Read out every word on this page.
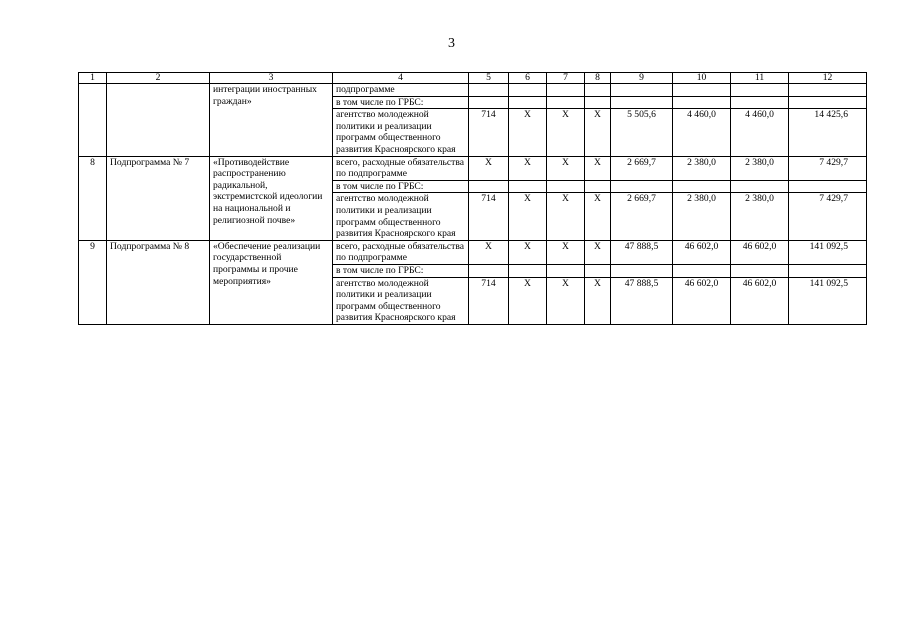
3
1	2	3	4	5	6	7	8	9	10	11	12
		интеграции иностранных граждан»	подпрограмме								
			в том числе по ГРБС:								
			агентство молодежной политики и реализации программ общественного развития Красноярского края	714	X	X	X	5 505,6	4 460,0	4 460,0	14 425,6
8	Подпрограмма № 7	«Противодействие распространению радикальной, экстремистской идеологии на национальной и религиозной почве»	всего, расходные обязательства по подпрограмме	X	X	X	X	2 669,7	2 380,0	2 380,0	7 429,7
			в том числе по ГРБС:								
			агентство молодежной политики и реализации программ общественного развития Красноярского края	714	X	X	X	2 669,7	2 380,0	2 380,0	7 429,7
9	Подпрограмма № 8	«Обеспечение реализации государственной программы и прочие мероприятия»	всего, расходные обязательства по подпрограмме	X	X	X	X	47 888,5	46 602,0	46 602,0	141 092,5
			в том числе по ГРБС:								
			агентство молодежной политики и реализации программ общественного развития Красноярского края	714	X	X	X	47 888,5	46 602,0	46 602,0	141 092,5
